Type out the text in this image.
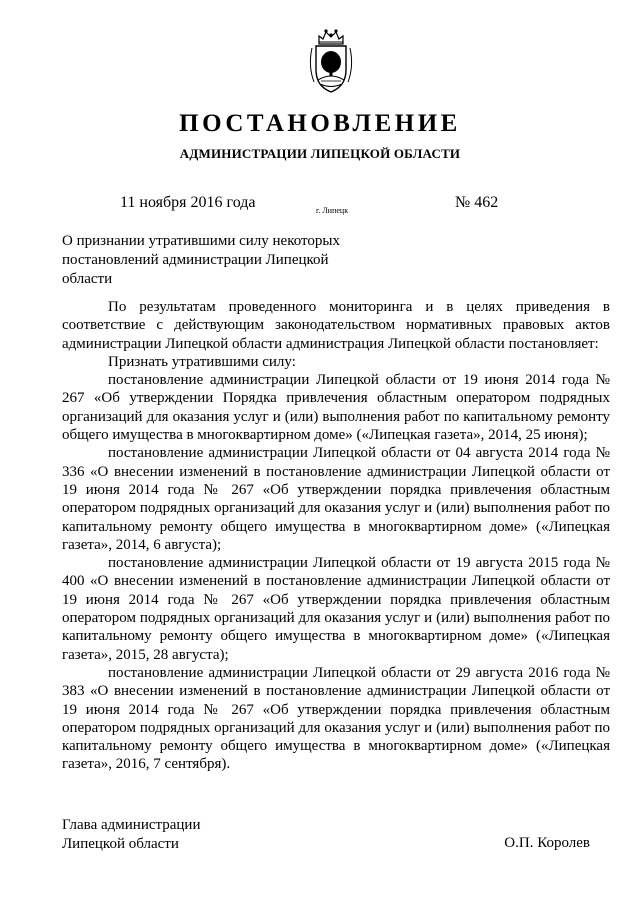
ПОСТАНОВЛЕНИЕ
АДМИНИСТРАЦИИ ЛИПЕЦКОЙ ОБЛАСТИ
11 ноября 2016 года	г. Липецк	№ 462
О признании утратившими силу некоторых
постановлений администрации Липецкой
области

По результатам проведенного мониторинга и в целях приведения в соответствие с действующим законодательством нормативных правовых актов администрации Липецкой области администрация Липецкой области постановляет:

Признать утратившими силу:

постановление администрации Липецкой области от 19 июня 2014 года № 267 «Об утверждении Порядка привлечения областным оператором подрядных организаций для оказания услуг и (или) выполнения работ по капитальному ремонту общего имущества в многоквартирном доме» («Липецкая газета», 2014, 25 июня);

постановление администрации Липецкой области от 04 августа 2014 года № 336 «О внесении изменений в постановление администрации Липецкой области от 19 июня 2014 года № 267 «Об утверждении порядка привлечения областным оператором подрядных организаций для оказания услуг и (или) выполнения работ по капитальному ремонту общего имущества в многоквартирном доме» («Липецкая газета», 2014, 6 августа);

постановление администрации Липецкой области от 19 августа 2015 года № 400 «О внесении изменений в постановление администрации Липецкой области от 19 июня 2014 года № 267 «Об утверждении порядка привлечения областным оператором подрядных организаций для оказания услуг и (или) выполнения работ по капитальному ремонту общего имущества в многоквартирном доме» («Липецкая газета», 2015, 28 августа);

постановление администрации Липецкой области от 29 августа 2016 года № 383 «О внесении изменений в постановление администрации Липецкой области от 19 июня 2014 года № 267 «Об утверждении порядка привлечения областным оператором подрядных организаций для оказания услуг и (или) выполнения работ по капитальному ремонту общего имущества в многоквартирном доме» («Липецкая газета», 2016, 7 сентября).

Глава администрации
Липецкой области	О.П. Королев
